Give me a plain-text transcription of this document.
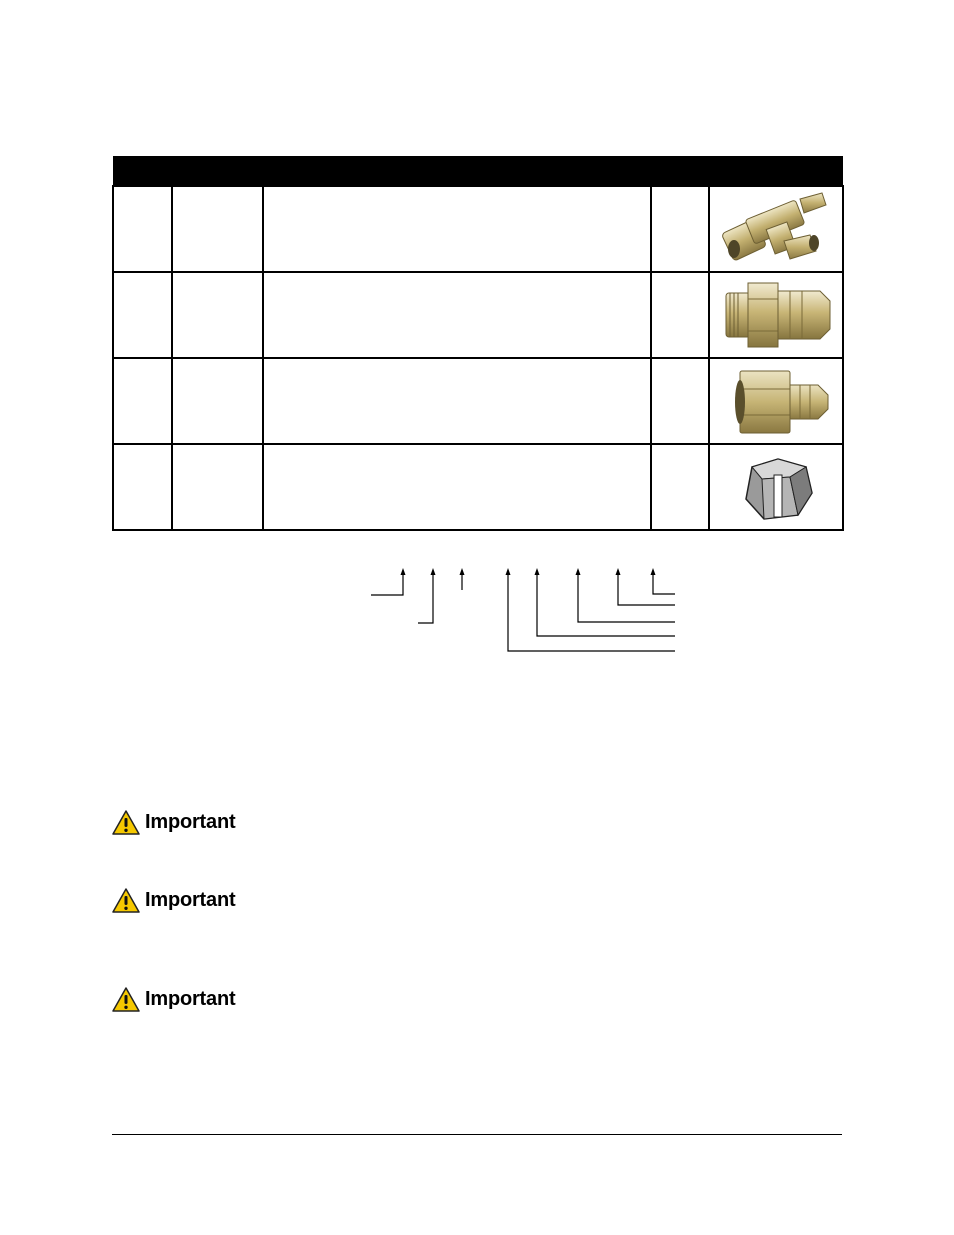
Important
Important
Important
